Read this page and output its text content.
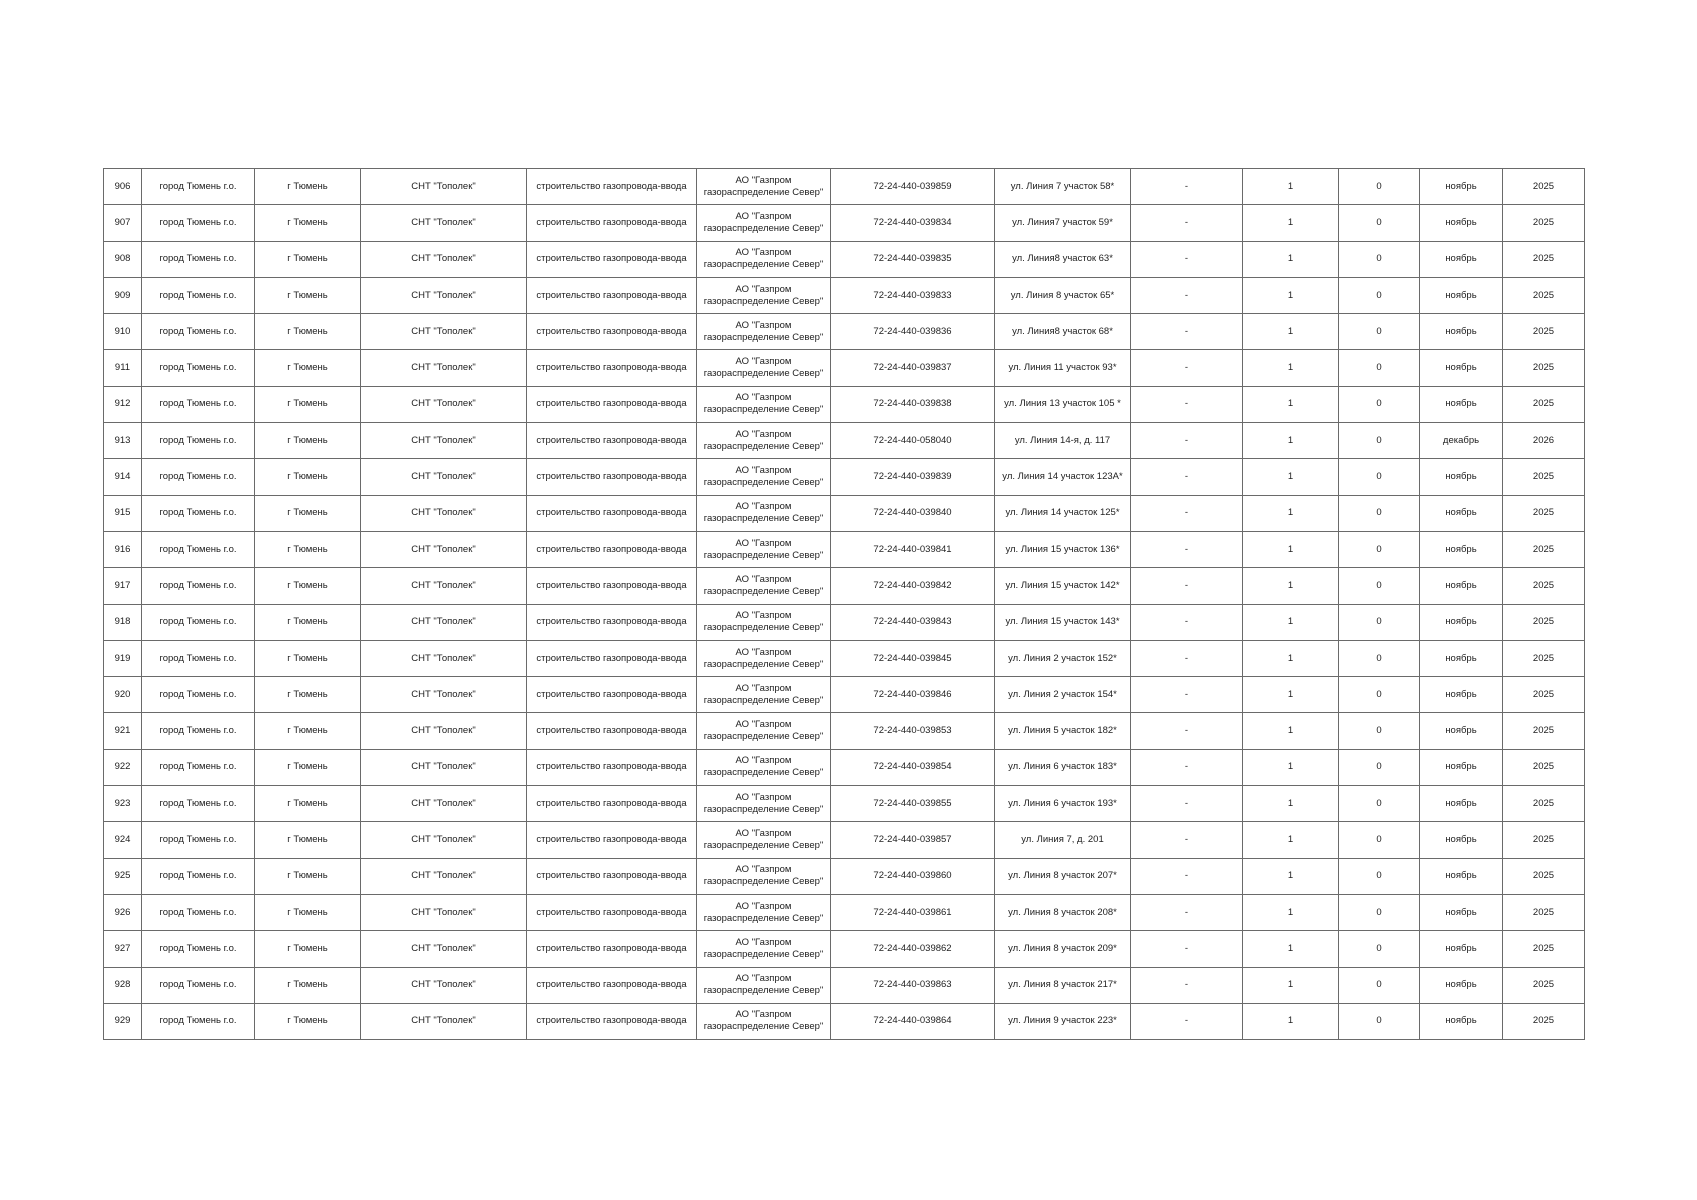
906	город Тюмень г.о.	г Тюмень	СНТ "Тополек"	строительство газопровода-ввода	АО "Газпром газораспределение Север"	72-24-440-039859	ул. Линия 7 участок 58*	-	1	0	ноябрь	2025
907	город Тюмень г.о.	г Тюмень	СНТ "Тополек"	строительство газопровода-ввода	АО "Газпром газораспределение Север"	72-24-440-039834	ул. Линия7 участок 59*	-	1	0	ноябрь	2025
908	город Тюмень г.о.	г Тюмень	СНТ "Тополек"	строительство газопровода-ввода	АО "Газпром газораспределение Север"	72-24-440-039835	ул. Линия8 участок 63*	-	1	0	ноябрь	2025
909	город Тюмень г.о.	г Тюмень	СНТ "Тополек"	строительство газопровода-ввода	АО "Газпром газораспределение Север"	72-24-440-039833	ул. Линия 8 участок 65*	-	1	0	ноябрь	2025
910	город Тюмень г.о.	г Тюмень	СНТ "Тополек"	строительство газопровода-ввода	АО "Газпром газораспределение Север"	72-24-440-039836	ул. Линия8 участок 68*	-	1	0	ноябрь	2025
911	город Тюмень г.о.	г Тюмень	СНТ "Тополек"	строительство газопровода-ввода	АО "Газпром газораспределение Север"	72-24-440-039837	ул. Линия 11 участок 93*	-	1	0	ноябрь	2025
912	город Тюмень г.о.	г Тюмень	СНТ "Тополек"	строительство газопровода-ввода	АО "Газпром газораспределение Север"	72-24-440-039838	ул. Линия 13 участок 105 *	-	1	0	ноябрь	2025
913	город Тюмень г.о.	г Тюмень	СНТ "Тополек"	строительство газопровода-ввода	АО "Газпром газораспределение Север"	72-24-440-058040	ул. Линия 14-я, д. 117	-	1	0	декабрь	2026
914	город Тюмень г.о.	г Тюмень	СНТ "Тополек"	строительство газопровода-ввода	АО "Газпром газораспределение Север"	72-24-440-039839	ул. Линия 14 участок 123А*	-	1	0	ноябрь	2025
915	город Тюмень г.о.	г Тюмень	СНТ "Тополек"	строительство газопровода-ввода	АО "Газпром газораспределение Север"	72-24-440-039840	ул. Линия 14 участок 125*	-	1	0	ноябрь	2025
916	город Тюмень г.о.	г Тюмень	СНТ "Тополек"	строительство газопровода-ввода	АО "Газпром газораспределение Север"	72-24-440-039841	ул. Линия 15 участок 136*	-	1	0	ноябрь	2025
917	город Тюмень г.о.	г Тюмень	СНТ "Тополек"	строительство газопровода-ввода	АО "Газпром газораспределение Север"	72-24-440-039842	ул. Линия 15 участок 142*	-	1	0	ноябрь	2025
918	город Тюмень г.о.	г Тюмень	СНТ "Тополек"	строительство газопровода-ввода	АО "Газпром газораспределение Север"	72-24-440-039843	ул. Линия 15 участок 143*	-	1	0	ноябрь	2025
919	город Тюмень г.о.	г Тюмень	СНТ "Тополек"	строительство газопровода-ввода	АО "Газпром газораспределение Север"	72-24-440-039845	ул. Линия 2 участок 152*	-	1	0	ноябрь	2025
920	город Тюмень г.о.	г Тюмень	СНТ "Тополек"	строительство газопровода-ввода	АО "Газпром газораспределение Север"	72-24-440-039846	ул. Линия 2 участок 154*	-	1	0	ноябрь	2025
921	город Тюмень г.о.	г Тюмень	СНТ "Тополек"	строительство газопровода-ввода	АО "Газпром газораспределение Север"	72-24-440-039853	ул. Линия 5 участок 182*	-	1	0	ноябрь	2025
922	город Тюмень г.о.	г Тюмень	СНТ "Тополек"	строительство газопровода-ввода	АО "Газпром газораспределение Север"	72-24-440-039854	ул. Линия 6 участок 183*	-	1	0	ноябрь	2025
923	город Тюмень г.о.	г Тюмень	СНТ "Тополек"	строительство газопровода-ввода	АО "Газпром газораспределение Север"	72-24-440-039855	ул. Линия 6 участок 193*	-	1	0	ноябрь	2025
924	город Тюмень г.о.	г Тюмень	СНТ "Тополек"	строительство газопровода-ввода	АО "Газпром газораспределение Север"	72-24-440-039857	ул. Линия 7, д. 201	-	1	0	ноябрь	2025
925	город Тюмень г.о.	г Тюмень	СНТ "Тополек"	строительство газопровода-ввода	АО "Газпром газораспределение Север"	72-24-440-039860	ул. Линия 8 участок 207*	-	1	0	ноябрь	2025
926	город Тюмень г.о.	г Тюмень	СНТ "Тополек"	строительство газопровода-ввода	АО "Газпром газораспределение Север"	72-24-440-039861	ул. Линия 8 участок 208*	-	1	0	ноябрь	2025
927	город Тюмень г.о.	г Тюмень	СНТ "Тополек"	строительство газопровода-ввода	АО "Газпром газораспределение Север"	72-24-440-039862	ул. Линия 8 участок 209*	-	1	0	ноябрь	2025
928	город Тюмень г.о.	г Тюмень	СНТ "Тополек"	строительство газопровода-ввода	АО "Газпром газораспределение Север"	72-24-440-039863	ул. Линия 8 участок 217*	-	1	0	ноябрь	2025
929	город Тюмень г.о.	г Тюмень	СНТ "Тополек"	строительство газопровода-ввода	АО "Газпром газораспределение Север"	72-24-440-039864	ул. Линия 9 участок 223*	-	1	0	ноябрь	2025
